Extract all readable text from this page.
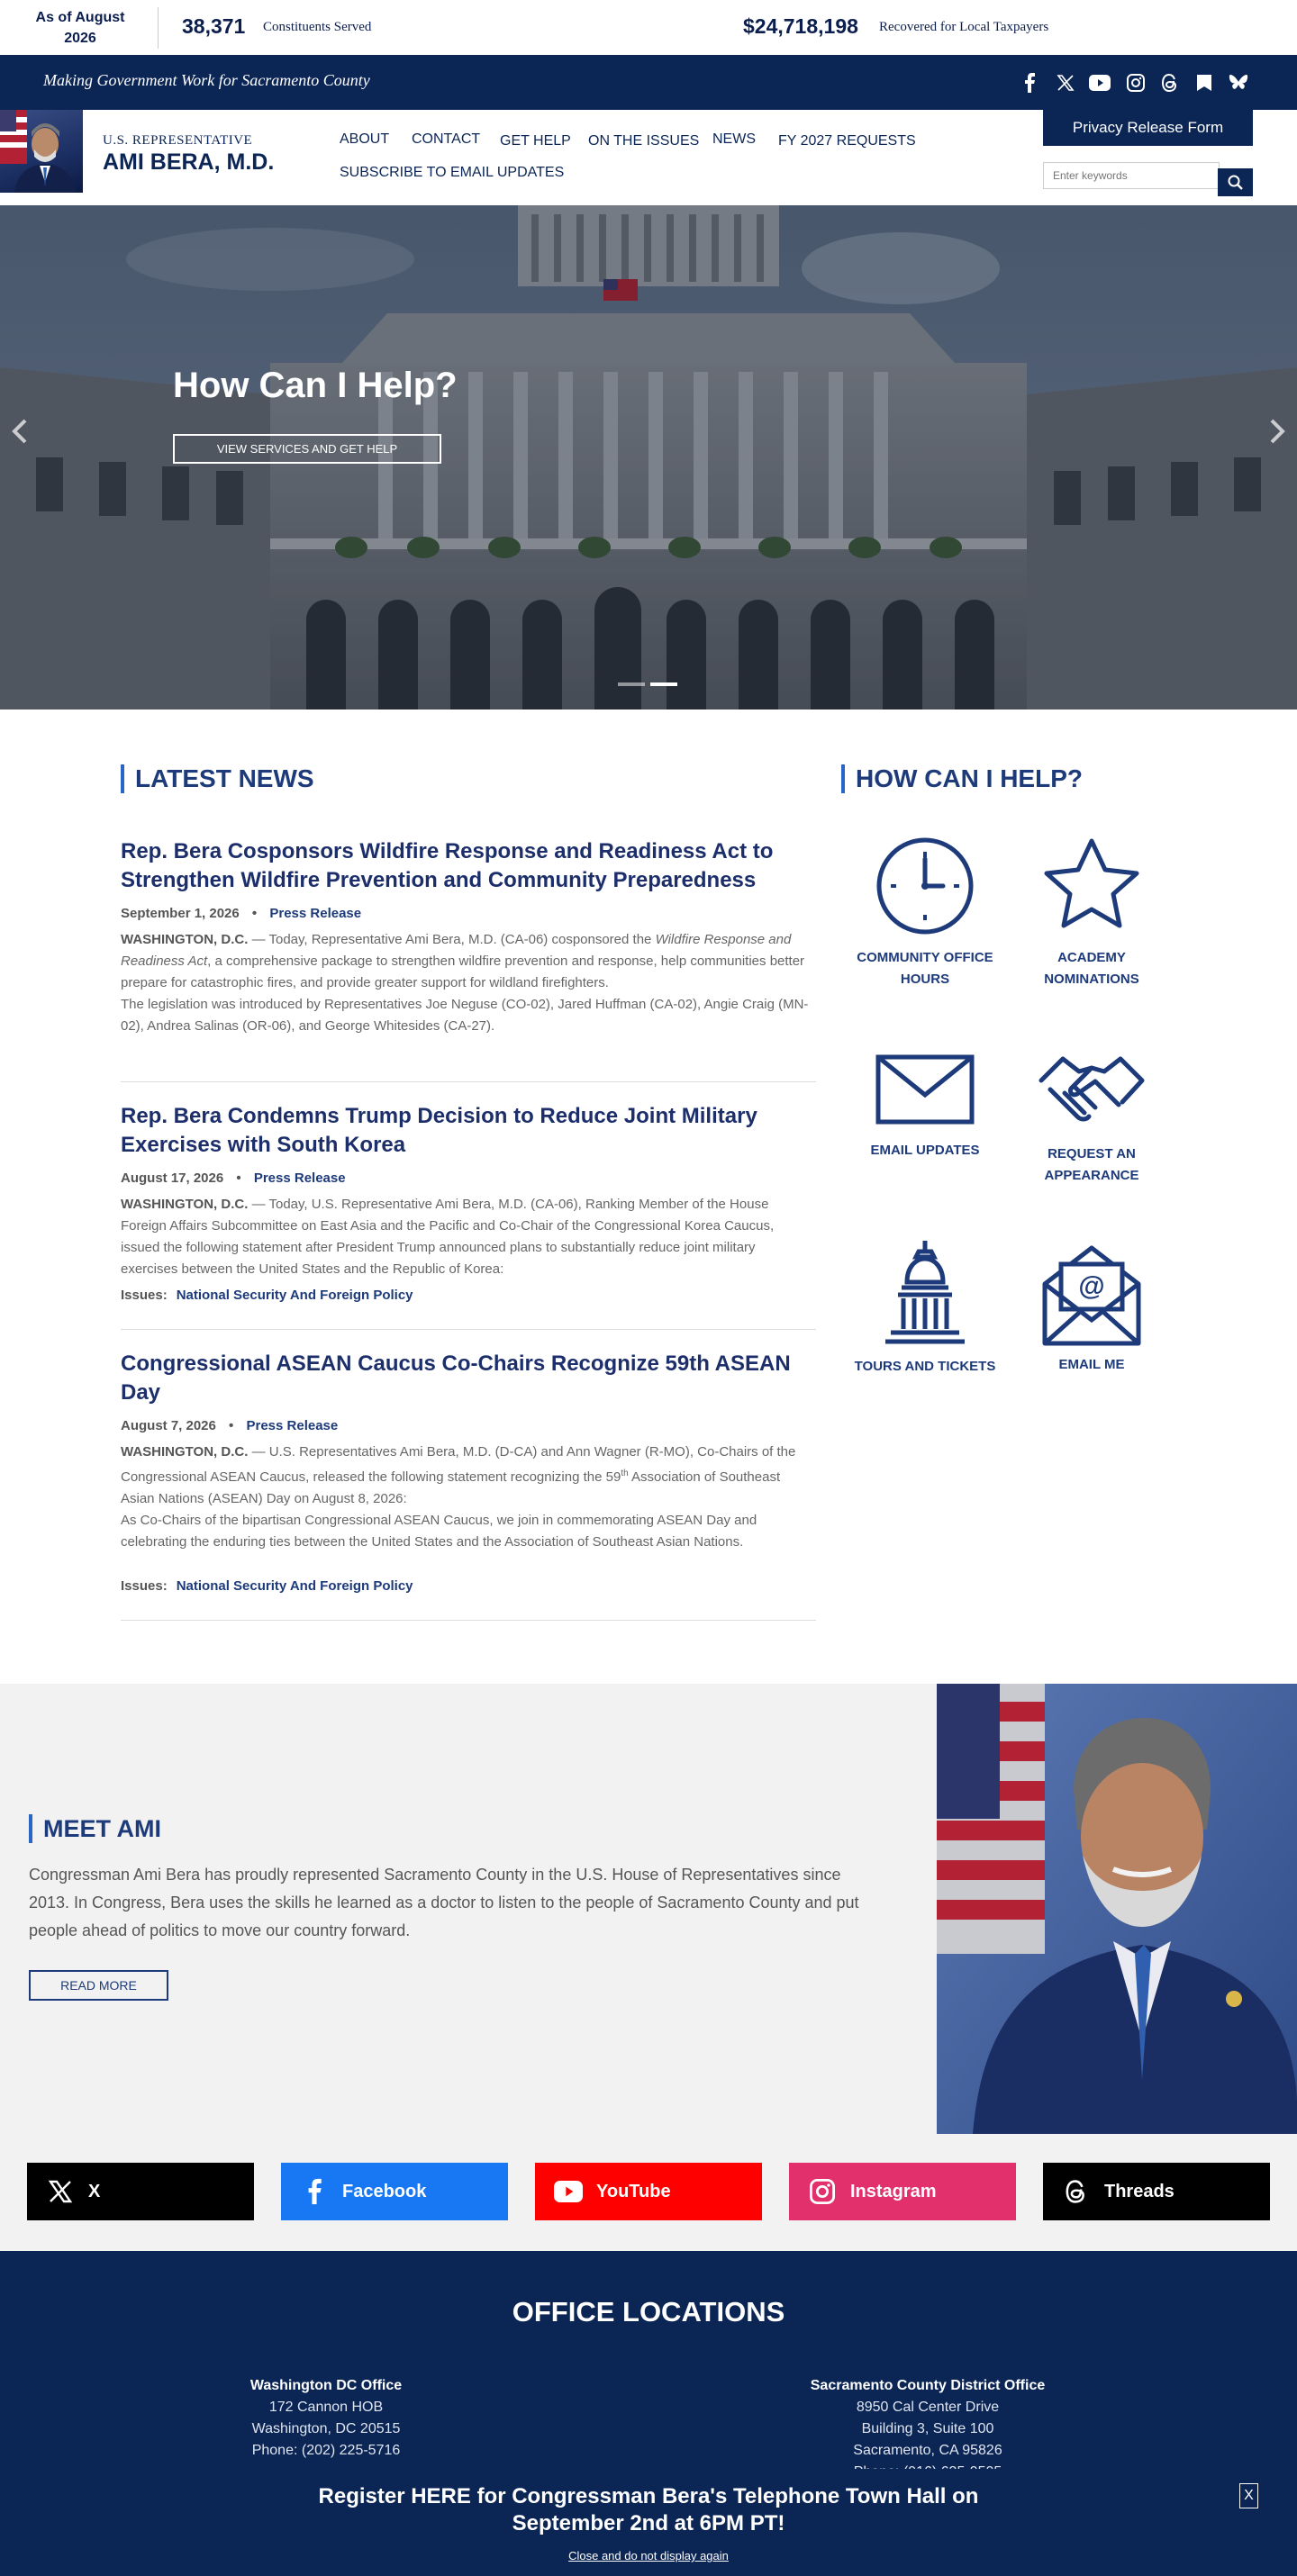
As of August 2026
38,371 Constituents Served	$24,718,198 Recovered for Local Taxpayers
Making Government Work for Sacramento County
U.S. REPRESENTATIVE
AMI BERA, M.D.
ABOUT CONTACT GET HELP ON THE ISSUES NEWS FY 2027 REQUESTS
SUBSCRIBE TO EMAIL UPDATES
Privacy Release Form
Enter keywords
How Can I Help?
VIEW SERVICES AND GET HELP
LATEST NEWS
Rep. Bera Cosponsors Wildfire Response and Readiness Act to Strengthen Wildfire Prevention and Community Preparedness
September 1, 2026 • Press Release
WASHINGTON, D.C. — Today, Representative Ami Bera, M.D. (CA-06) cosponsored the Wildfire Response and Readiness Act, a comprehensive package to strengthen wildfire prevention and response, help communities better prepare for catastrophic fires, and provide greater support for wildland firefighters.
The legislation was introduced by Representatives Joe Neguse (CO-02), Jared Huffman (CA-02), Angie Craig (MN-02), Andrea Salinas (OR-06), and George Whitesides (CA-27).
Rep. Bera Condemns Trump Decision to Reduce Joint Military Exercises with South Korea
August 17, 2026 • Press Release
WASHINGTON, D.C. — Today, U.S. Representative Ami Bera, M.D. (CA-06), Ranking Member of the House Foreign Affairs Subcommittee on East Asia and the Pacific and Co-Chair of the Congressional Korea Caucus, issued the following statement after President Trump announced plans to substantially reduce joint military exercises between the United States and the Republic of Korea:
Issues: National Security And Foreign Policy
Congressional ASEAN Caucus Co-Chairs Recognize 59th ASEAN Day
August 7, 2026 • Press Release
WASHINGTON, D.C. — U.S. Representatives Ami Bera, M.D. (D-CA) and Ann Wagner (R-MO), Co-Chairs of the Congressional ASEAN Caucus, released the following statement recognizing the 59th Association of Southeast Asian Nations (ASEAN) Day on August 8, 2026:
As Co-Chairs of the bipartisan Congressional ASEAN Caucus, we join in commemorating ASEAN Day and celebrating the enduring ties between the United States and the Association of Southeast Asian Nations.
Issues: National Security And Foreign Policy
HOW CAN I HELP?
COMMUNITY OFFICE HOURS
ACADEMY NOMINATIONS
EMAIL UPDATES	REQUEST AN APPEARANCE
TOURS AND TICKETS
@
EMAIL ME
MEET AMI
Congressman Ami Bera has proudly represented Sacramento County in the U.S. House of Representatives since 2013. In Congress, Bera uses the skills he learned as a doctor to listen to the people of Sacramento County and put people ahead of politics to move our country forward.
READ MORE
X	Facebook	YouTube	Instagram	Threads
OFFICE LOCATIONS
Washington DC Office
172 Cannon HOB
Washington, DC 20515
Phone: (202) 225-5716
Sacramento County District Office
8950 Cal Center Drive
Building 3, Suite 100
Sacramento, CA 95826
Register HERE for Congressman Bera's Telephone Town Hall on September 2nd at 6PM PT!
Close and do not display again
X
